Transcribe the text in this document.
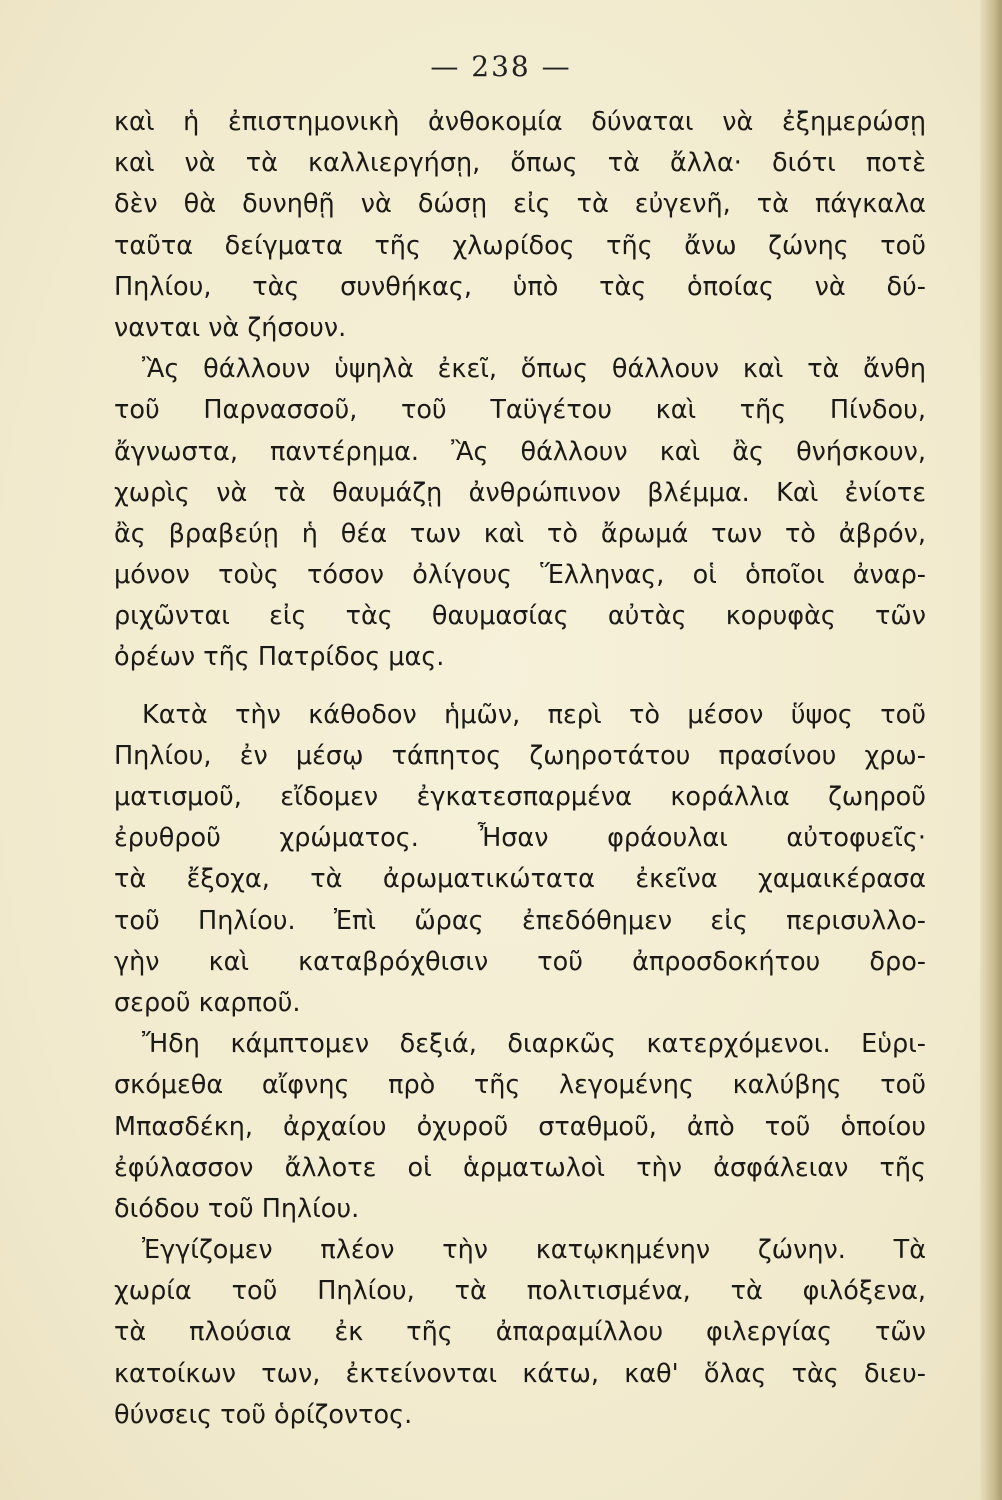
— 238 —
καὶ ἡ ἐπιστημονικὴ ἀνθοκομία δύναται νὰ ἐξημερώσῃ
καὶ νὰ τὰ καλλιεργήσῃ, ὅπως τὰ ἄλλα· διότι ποτὲ
δὲν θὰ δυνηθῇ νὰ δώσῃ εἰς τὰ εὐγενῆ, τὰ πάγκαλα
ταῦτα δείγματα τῆς χλωρίδος τῆς ἄνω ζώνης τοῦ
Πηλίου, τὰς συνθήκας, ὑπὸ τὰς ὁποίας νὰ δύ-
νανται νὰ ζήσουν.
Ἂς θάλλουν ὑψηλὰ ἐκεῖ, ὅπως θάλλουν καὶ τὰ ἄνθη
τοῦ Παρνασσοῦ, τοῦ Ταϋγέτου καὶ τῆς Πίνδου,
ἄγνωστα, παντέρημα. Ἂς θάλλουν καὶ ἂς θνήσκουν,
χωρὶς νὰ τὰ θαυμάζῃ ἀνθρώπινον βλέμμα. Καὶ ἐνίοτε
ἂς βραβεύῃ ἡ θέα των καὶ τὸ ἄρωμά των τὸ ἀβρόν,
μόνον τοὺς τόσον ὀλίγους Ἕλληνας, οἱ ὁποῖοι ἀναρ-
ριχῶνται εἰς τὰς θαυμασίας αὐτὰς κορυφὰς τῶν
ὀρέων τῆς Πατρίδος μας.
Κατὰ τὴν κάθοδον ἡμῶν, περὶ τὸ μέσον ὕψος τοῦ
Πηλίου, ἐν μέσῳ τάπητος ζωηροτάτου πρασίνου χρω-
ματισμοῦ, εἴδομεν ἐγκατεσπαρμένα κοράλλια ζωηροῦ
ἐρυθροῦ χρώματος. Ἦσαν φράουλαι αὐτοφυεῖς·
τὰ ἔξοχα, τὰ ἀρωματικώτατα ἐκεῖνα χαμαικέρασα
τοῦ Πηλίου. Ἐπὶ ὥρας ἐπεδόθημεν εἰς περισυλλο-
γὴν καὶ καταβρόχθισιν τοῦ ἀπροσδοκήτου δρο-
σεροῦ καρποῦ.
Ἤδη κάμπτομεν δεξιά, διαρκῶς κατερχόμενοι. Εὑρι-
σκόμεθα αἴφνης πρὸ τῆς λεγομένης καλύβης τοῦ
Μπασδέκη, ἀρχαίου ὀχυροῦ σταθμοῦ, ἀπὸ τοῦ ὁποίου
ἐφύλασσον ἄλλοτε οἱ ἁρματωλοὶ τὴν ἀσφάλειαν τῆς
διόδου τοῦ Πηλίου.
Ἐγγίζομεν πλέον τὴν κατῳκημένην ζώνην. Τὰ
χωρία τοῦ Πηλίου, τὰ πολιτισμένα, τὰ φιλόξενα,
τὰ πλούσια ἐκ τῆς ἀπαραμίλλου φιλεργίας τῶν
κατοίκων των, ἐκτείνονται κάτω, καθ' ὅλας τὰς διευ-
θύνσεις τοῦ ὁρίζοντος.
